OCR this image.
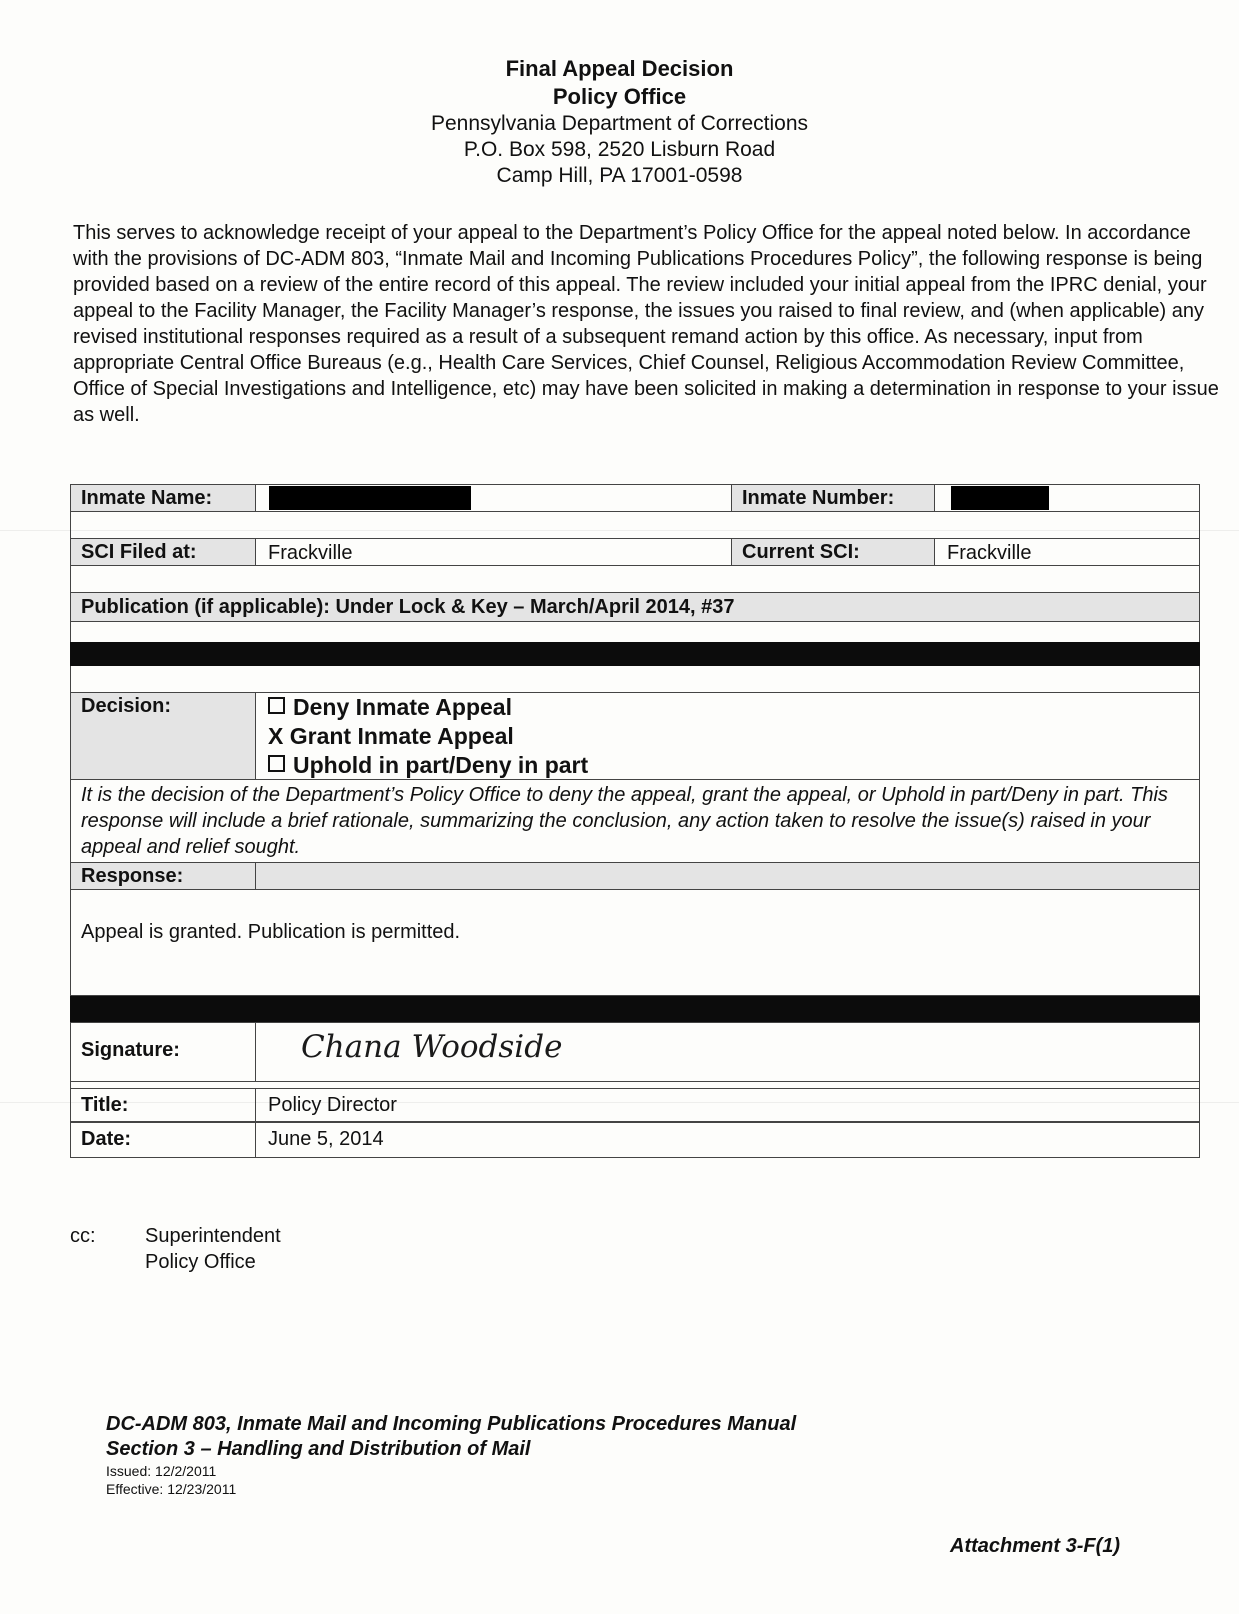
Final Appeal Decision
Policy Office
Pennsylvania Department of Corrections
P.O. Box 598, 2520 Lisburn Road
Camp Hill, PA 17001-0598
This serves to acknowledge receipt of your appeal to the Department’s Policy Office for the appeal noted below. In accordance with the provisions of DC-ADM 803, “Inmate Mail and Incoming Publications Procedures Policy”, the following response is being provided based on a review of the entire record of this appeal. The review included your initial appeal from the IPRC denial, your appeal to the Facility Manager, the Facility Manager’s response, the issues you raised to final review, and (when applicable) any revised institutional responses required as a result of a subsequent remand action by this office. As necessary, input from appropriate Central Office Bureaus (e.g., Health Care Services, Chief Counsel, Religious Accommodation Review Committee, Office of Special Investigations and Intelligence, etc) may have been solicited in making a determination in response to your issue as well.
Inmate Name:	Inmate Number:
SCI Filed at:	Frackville	Current SCI:	Frackville
Publication (if applicable): Under Lock & Key – March/April 2014, #37
Decision:	Deny Inmate Appeal
X Grant Inmate Appeal
Uphold in part/Deny in part
It is the decision of the Department’s Policy Office to deny the appeal, grant the appeal, or Uphold in part/Deny in part. This response will include a brief rationale, summarizing the conclusion, any action taken to resolve the issue(s) raised in your appeal and relief sought.
Response:
Appeal is granted. Publication is permitted.
Signature:	Chana Woodside
Title:	Policy Director
Date:	June 5, 2014
cc: Superintendent
Policy Office
DC-ADM 803, Inmate Mail and Incoming Publications Procedures Manual
Section 3 – Handling and Distribution of Mail
Issued: 12/2/2011
Effective: 12/23/2011
Attachment 3-F(1)
